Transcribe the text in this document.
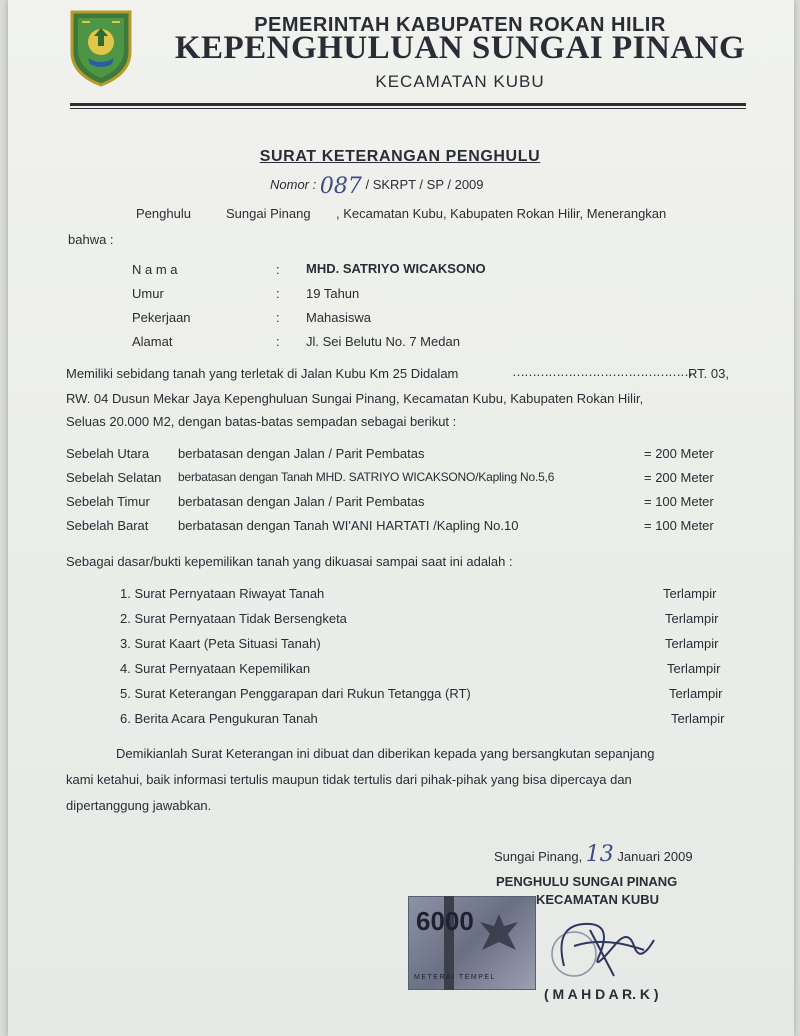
PEMERINTAH KABUPATEN ROKAN HILIR
KEPENGHULUAN SUNGAI PINANG
KECAMATAN KUBU
SURAT KETERANGAN PENGHULU
Nomor : 087 / SKRPT / SP / 2009
Penghulu	Sungai Pinang , Kecamatan Kubu, Kabupaten Rokan Hilir, Menerangkan
bahwa :
N a m a	: MHD. SATRIYO WICAKSONO
Umur	: 19 Tahun
Pekerjaan	: Mahasiswa
Alamat	: Jl. Sei Belutu No. 7 Medan
Memiliki sebidang tanah yang terletak di Jalan Kubu Km 25 Didalam	………………………………………
RT. 03,
RW. 04 Dusun Mekar Jaya Kepenghuluan Sungai Pinang, Kecamatan Kubu, Kabupaten Rokan Hilir,
Seluas 20.000 M2, dengan batas-batas sempadan sebagai berikut :
Sebelah Utara berbatasan dengan Jalan / Parit Pembatas	= 200 Meter
Sebelah Selatan berbatasan dengan Tanah MHD. SATRIYO WICAKSONO/Kapling No.5,6	= 200 Meter
Sebelah Timur berbatasan dengan Jalan / Parit Pembatas	= 100 Meter
Sebelah Barat berbatasan dengan Tanah WI'ANI HARTATI /Kapling No.10	= 100 Meter
Sebagai dasar/bukti kepemilikan tanah yang dikuasai sampai saat ini adalah :
1. Surat Pernyataan Riwayat Tanah	Terlampir
2. Surat Pernyataan Tidak Bersengketa	Terlampir
3. Surat Kaart (Peta Situasi Tanah)	Terlampir
4. Surat Pernyataan Kepemilikan	Terlampir
5. Surat Keterangan Penggarapan dari Rukun Tetangga (RT)	Terlampir
6. Berita Acara Pengukuran Tanah	Terlampir
Demikianlah Surat Keterangan ini dibuat dan diberikan kepada yang bersangkutan sepanjang
kami ketahui, baik informasi tertulis maupun tidak tertulis dari pihak-pihak yang bisa dipercaya dan
dipertanggung jawabkan.
Sungai Pinang, 13 Januari 2009
PENGHULU SUNGAI PINANG
KECAMATAN KUBU
6000
METERAI TEMPEL
( M A H D A R. K )
